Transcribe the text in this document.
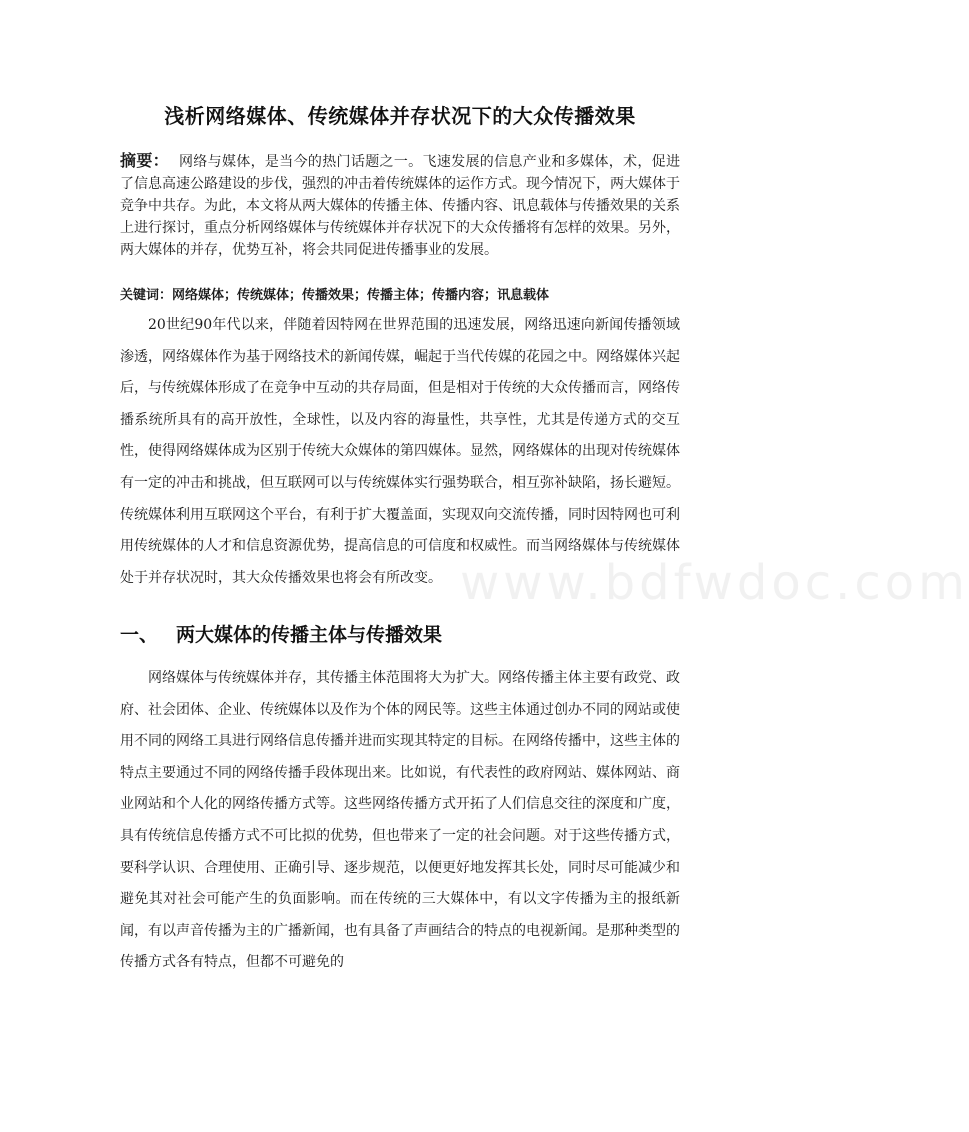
浅析网络媒体、传统媒体并存状况下的大众传播效果

摘要： 网络与媒体，是当今的热门话题之一。飞速发展的信息产业和多媒体，术，促进了信息高速公路建设的步伐，强烈的冲击着传统媒体的运作方式。现今情况下，两大媒体于竞争中共存。为此，本文将从两大媒体的传播主体、传播内容、讯息载体与传播效果的关系上进行探讨，重点分析网络媒体与传统媒体并存状况下的大众传播将有怎样的效果。另外，两大媒体的并存，优势互补，将会共同促进传播事业的发展。

关键词：网络媒体；传统媒体；传播效果；传播主体；传播内容；讯息载体

20世纪90年代以来，伴随着因特网在世界范围的迅速发展，网络迅速向新闻传播领域渗透，网络媒体作为基于网络技术的新闻传媒，崛起于当代传媒的花园之中。网络媒体兴起后，与传统媒体形成了在竞争中互动的共存局面，但是相对于传统的大众传播而言，网络传播系统所具有的高开放性，全球性，以及内容的海量性，共享性，尤其是传递方式的交互性，使得网络媒体成为区别于传统大众媒体的第四媒体。显然，网络媒体的出现对传统媒体有一定的冲击和挑战，但互联网可以与传统媒体实行强势联合，相互弥补缺陷，扬长避短。传统媒体利用互联网这个平台，有利于扩大覆盖面，实现双向交流传播，同时因特网也可利用传统媒体的人才和信息资源优势，提高信息的可信度和权威性。而当网络媒体与传统媒体处于并存状况时，其大众传播效果也将会有所改变。

一、 两大媒体的传播主体与传播效果

网络媒体与传统媒体并存，其传播主体范围将大为扩大。网络传播主体主要有政党、政府、社会团体、企业、传统媒体以及作为个体的网民等。这些主体通过创办不同的网站或使用不同的网络工具进行网络信息传播并进而实现其特定的目标。在网络传播中，这些主体的特点主要通过不同的网络传播手段体现出来。比如说，有代表性的政府网站、媒体网站、商业网站和个人化的网络传播方式等。这些网络传播方式开拓了人们信息交往的深度和广度，具有传统信息传播方式不可比拟的优势，但也带来了一定的社会问题。对于这些传播方式，要科学认识、合理使用、正确引导、逐步规范，以便更好地发挥其长处，同时尽可能减少和避免其对社会可能产生的负面影响。而在传统的三大媒体中，有以文字传播为主的报纸新闻，有以声音传播为主的广播新闻，也有具备了声画结合的特点的电视新闻。是那种类型的传播方式各有特点，但都不可避免的

www.bdfwdoc.com
